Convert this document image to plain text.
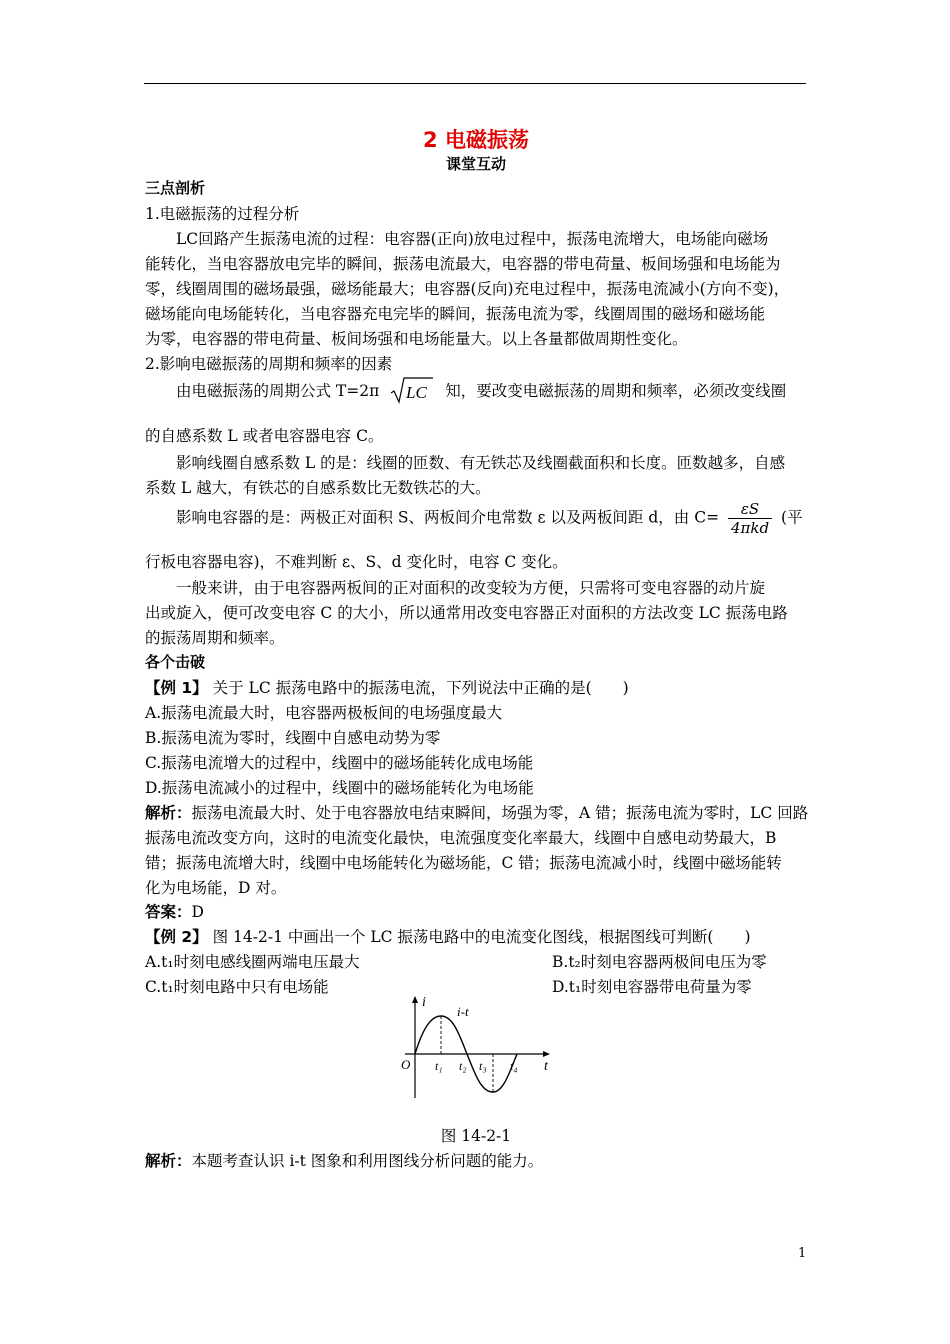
2 电磁振荡
课堂互动
三点剖析
1.电磁振荡的过程分析
LC回路产生振荡电流的过程：电容器(正向)放电过程中，振荡电流增大，电场能向磁场
能转化，当电容器放电完毕的瞬间，振荡电流最大，电容器的带电荷量、板间场强和电场能为
零，线圈周围的磁场最强，磁场能最大；电容器(反向)充电过程中，振荡电流减小(方向不变)，
磁场能向电场能转化，当电容器充电完毕的瞬间，振荡电流为零，线圈周围的磁场和磁场能
为零，电容器的带电荷量、板间场强和电场能量大。以上各量都做周期性变化。
2.影响电磁振荡的周期和频率的因素
由电磁振荡的周期公式 T=2π LC 知，要改变电磁振荡的周期和频率，必须改变线圈
的自感系数 L 或者电容器电容 C。
影响线圈自感系数 L 的是：线圈的匝数、有无铁芯及线圈截面积和长度。匝数越多，自感
系数 L 越大，有铁芯的自感系数比无数铁芯的大。
影响电容器的是：两极正对面积 S、两板间介电常数 ε 以及两板间距 d，由 $C= \frac{\varepsilon S}{\text{4πkd}}$ (平
行板电容器电容)，不难判断 ε、S、d 变化时，电容 C 变化。
一般来讲，由于电容器两板间的正对面积的改变较为方便，只需将可变电容器的动片旋
出或旋入，便可改变电容 C 的大小，所以通常用改变电容器正对面积的方法改变 LC 振荡电路
的振荡周期和频率。
各个击破
【例 1】 关于 LC 振荡电路中的振荡电流，下列说法中正确的是(　　)
A.振荡电流最大时，电容器两极板间的电场强度最大
B.振荡电流为零时，线圈中自感电动势为零
C.振荡电流增大的过程中，线圈中的磁场能转化成电场能
D.振荡电流减小的过程中，线圈中的磁场能转化为电场能
解析：振荡电流最大时、处于电容器放电结束瞬间，场强为零，A 错；振荡电流为零时，LC 回路
振荡电流改变方向，这时的电流变化最快，电流强度变化率最大，线圈中自感电动势最大，B
错；振荡电流增大时，线圈中电场能转化为磁场能，C 错；振荡电流减小时，线圈中磁场能转
化为电场能，D 对。
答案：D
【例 2】 图 14-2-1 中画出一个 LC 振荡电路中的电流变化图线，根据图线可判断(　　)
A.t₁时刻电感线圈两端电压最大	B.t₂时刻电容器两极间电压为零
C.t₁时刻电路中只有电场能	D.t₁时刻电容器带电荷量为零
i
t
O
i-t
t₁ t₂ t₃ t₄
图 14-2-1
解析：本题考查认识 i-t 图象和利用图线分析问题的能力。
1
